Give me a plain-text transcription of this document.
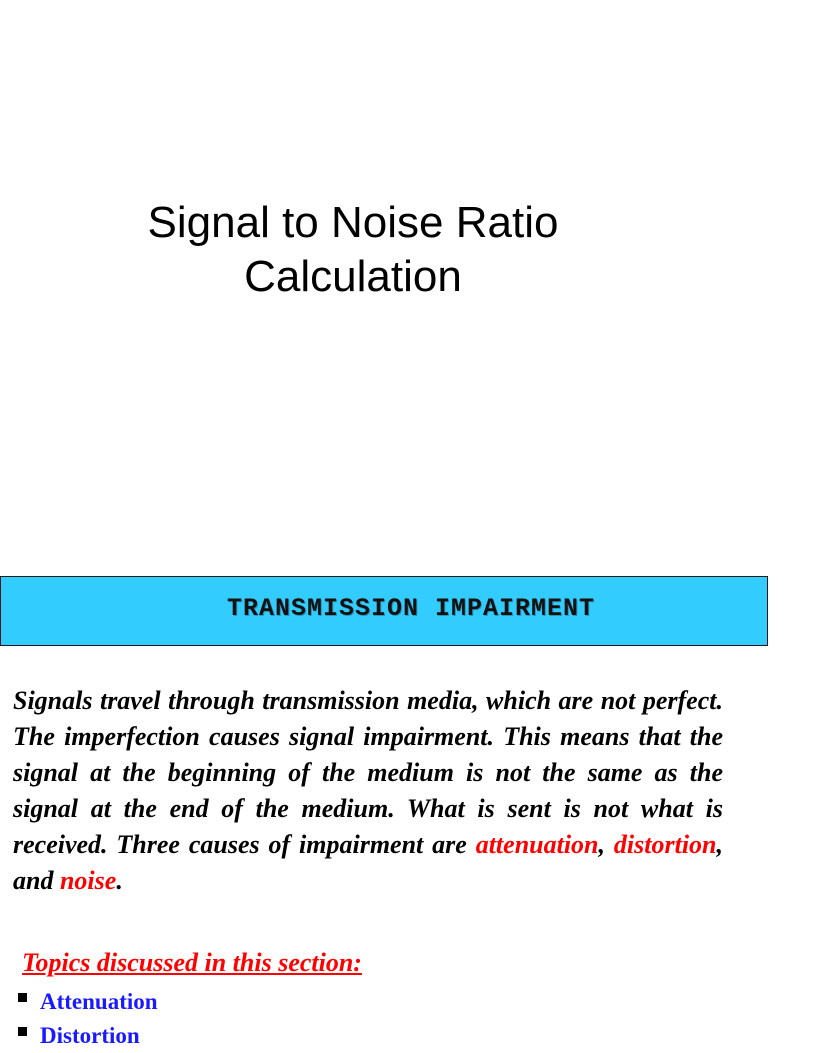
Signal to Noise Ratio
Calculation
TRANSMISSION IMPAIRMENT
Signals travel through transmission media, which are not perfect. The imperfection causes signal impairment. This means that the signal at the beginning of the medium is not the same as the signal at the end of the medium. What is sent is not what is received. Three causes of impairment are attenuation, distortion, and noise.
Topics discussed in this section:
Attenuation
Distortion
